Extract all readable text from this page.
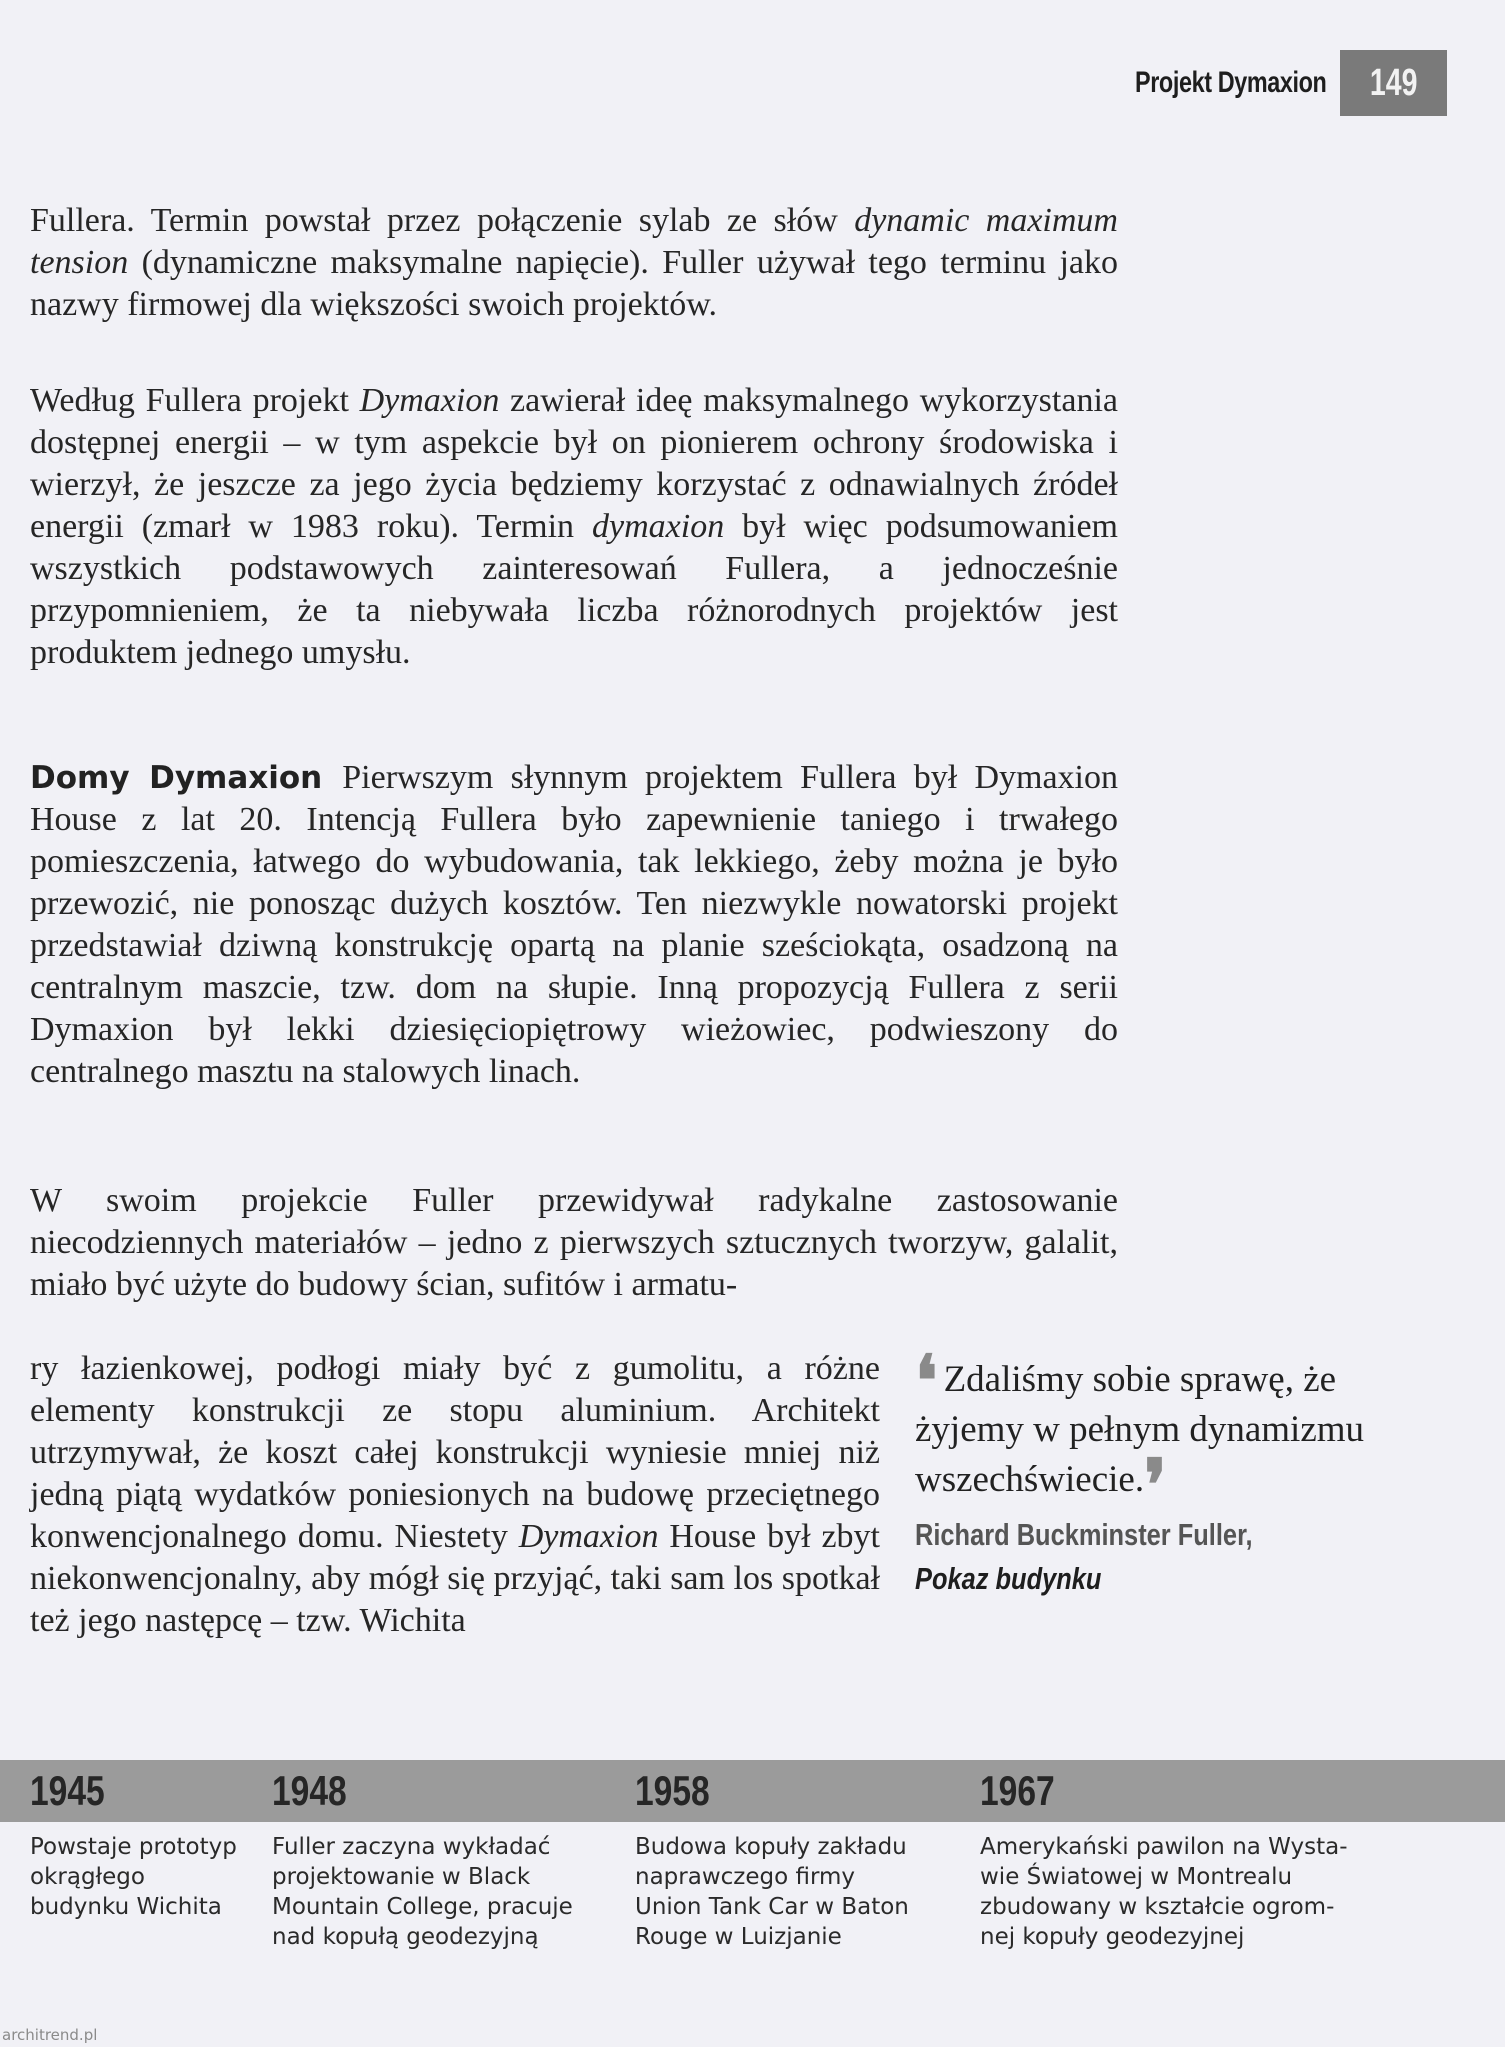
Projekt Dymaxion 149

Fullera. Termin powstał przez połączenie sylab ze słów dynamic maximum tension (dynamiczne maksymalne napięcie). Fuller używał tego terminu jako nazwy firmowej dla większości swoich projektów.

Według Fullera projekt Dymaxion zawierał ideę maksymalnego wykorzystania dostępnej energii – w tym aspekcie był on pionierem ochrony środowiska i wierzył, że jeszcze za jego życia będziemy korzystać z odnawialnych źródeł energii (zmarł w 1983 roku). Termin dymaxion był więc podsumowaniem wszystkich podstawowych zainteresowań Fullera, a jednocześnie przypomnieniem, że ta niebywała liczba różnorodnych projektów jest produktem jednego umysłu.

Domy Dymaxion Pierwszym słynnym projektem Fullera był Dymaxion House z lat 20. Intencją Fullera było zapewnienie taniego i trwałego pomieszczenia, łatwego do wybudowania, tak lekkiego, żeby można je było przewozić, nie ponosząc dużych kosztów. Ten niezwykle nowatorski projekt przedstawiał dziwną konstrukcję opartą na planie sześciokąta, osadzoną na centralnym maszcie, tzw. dom na słupie. Inną propozycją Fullera z serii Dymaxion był lekki dziesięciopiętrowy wieżowiec, podwieszony do centralnego masztu na stalowych linach.

W swoim projekcie Fuller przewidywał radykalne zastosowanie niecodziennych materiałów – jedno z pierwszych sztucznych tworzyw, galalit, miało być użyte do budowy ścian, sufitów i armatu-

ry łazienkowej, podłogi miały być z gumolitu, a różne elementy konstrukcji ze stopu aluminium. Architekt utrzymywał, że koszt całej konstrukcji wyniesie mniej niż jedną piątą wydatków poniesionych na budowę przeciętnego konwencjonalnego domu. Niestety Dymaxion House był zbyt niekonwencjonalny, aby mógł się przyjąć, taki sam los spotkał też jego następcę – tzw. Wichita

❛ Zdaliśmy sobie sprawę, że żyjemy w pełnym dynamizmu wszechświecie.❜
Richard Buckminster Fuller,
Pokaz budynku
1945
Powstaje prototyp
okrągłego
budynku Wichita
1948
Fuller zaczyna wykładać
projektowanie w Black
Mountain College, pracuje
nad kopułą geodezyjną
1958
Budowa kopuły zakładu
naprawczego firmy
Union Tank Car w Baton
Rouge w Luizjanie
1967
Amerykański pawilon na Wysta-
wie Światowej w Montrealu
zbudowany w kształcie ogrom-
nej kopuły geodezyjnej
architrend.pl
